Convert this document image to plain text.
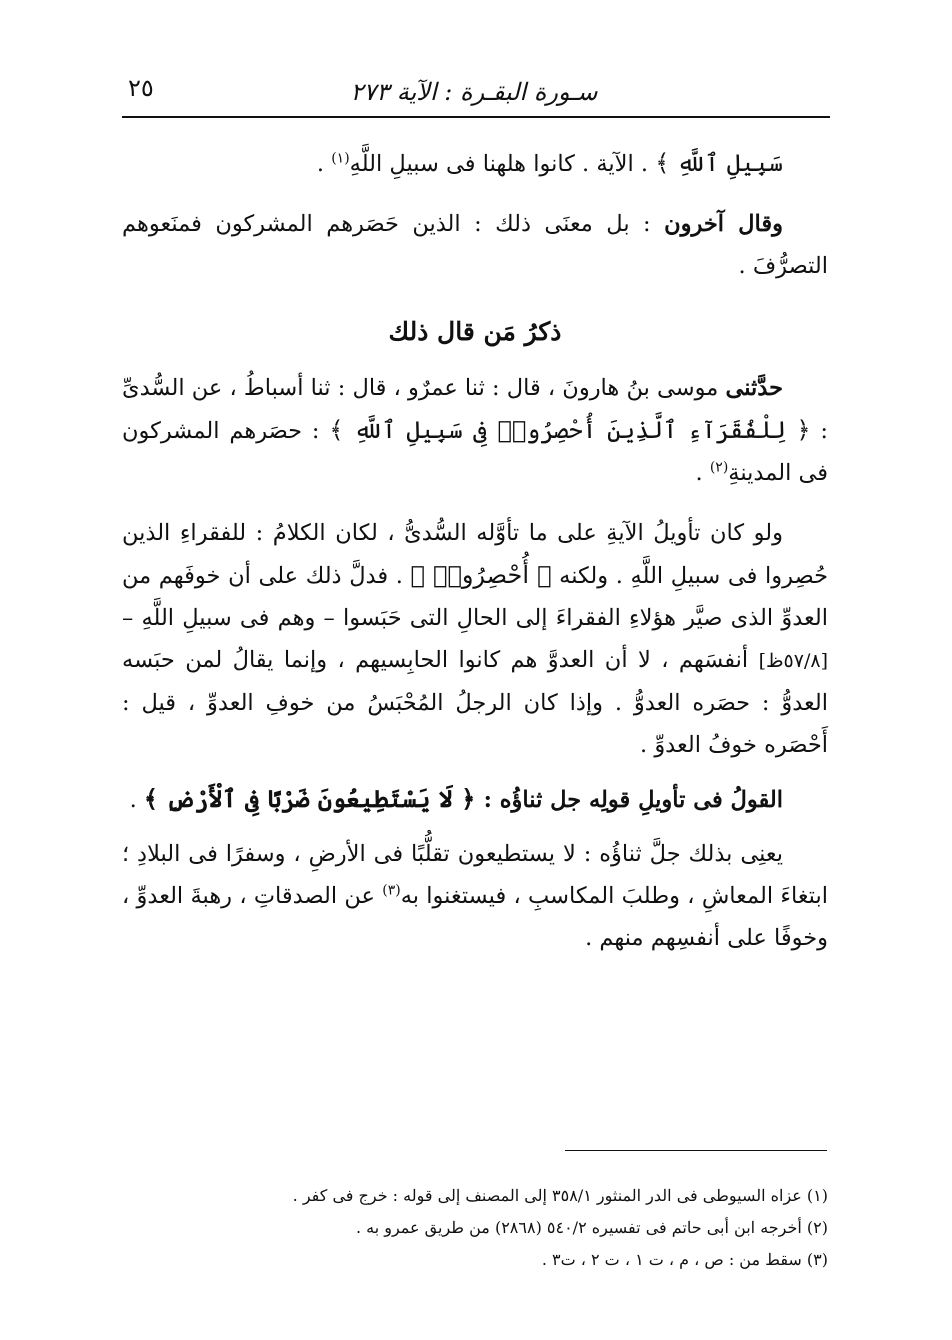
سـورة البقـرة : الآية ٢٧٣
٢٥

سَبِيلِ ٱللَّهِ ﴾ . الآية . كانوا هلهنا فى سبيلِ اللَّهِ$^{(١)}$ .

وقال آخرون : بل معنَى ذلك : الذين حَصَرهم المشركون فمنَعوهم التصرُّفَ .

ذكرُ مَن قال ذلك

حدَّثنى موسى بنُ هارونَ ، قال : ثنا عمرٌو ، قال : ثنا أسباطُ ، عن السُّدىِّ : ﴿ لِلْفُقَرَآءِ ٱلَّذِينَ أُحْصِرُوا۟ فِى سَبِيلِ ٱللَّهِ ﴾ : حصَرهم المشركون فى المدينةِ$^{(٢)}$ .

ولو كان تأويلُ الآيةِ على ما تأوَّله السُّدىُّ ، لكان الكلامُ : للفقراءِ الذين حُصِروا فى سبيلِ اللَّهِ . ولكنه ﴿ أُحْصِرُوا۟ ﴾ . فدلَّ ذلك على أن خوفَهم من العدوِّ الذى صيَّر هؤلاءِ الفقراءَ إلى الحالِ التى حَبَسوا – وهم فى سبيلِ اللَّهِ – [٥٧/٨ظ] أنفسَهم ، لا أن العدوَّ هم كانوا الحابِسيهم ، وإنما يقالُ لمن حبَسه العدوُّ : حصَره العدوُّ . وإذا كان الرجلُ المُحْبَسُ من خوفِ العدوِّ ، قيل : أَحْصَره خوفُ العدوِّ .

القولُ فى تأويلِ قولِه جل ثناؤُه : ﴿ لَا يَسْتَطِيعُونَ ضَرْبًا فِى ٱلْأَرْضِ ﴾ .

يعنِى بذلك جلَّ ثناؤُه : لا يستطيعون تقلُّبًا فى الأرضِ ، وسفرًا فى البلادِ ؛ ابتغاءَ المعاشِ ، وطلبَ المكاسبِ ، فيستغنوا به$^{(٣)}$ عن الصدقاتِ ، رهبةَ العدوِّ ، وخوفًا على أنفسِهم منهم .

(١) عزاه السيوطى فى الدر المنثور ٣٥٨/١ إلى المصنف إلى قوله : خرج فى كفر .

(٢) أخرجه ابن أبى حاتم فى تفسيره ٥٤٠/٢ (٢٨٦٨) من طريق عمرو به .

(٣) سقط من : ص ، م ، ت ١ ، ت ٢ ، ت٣ .
